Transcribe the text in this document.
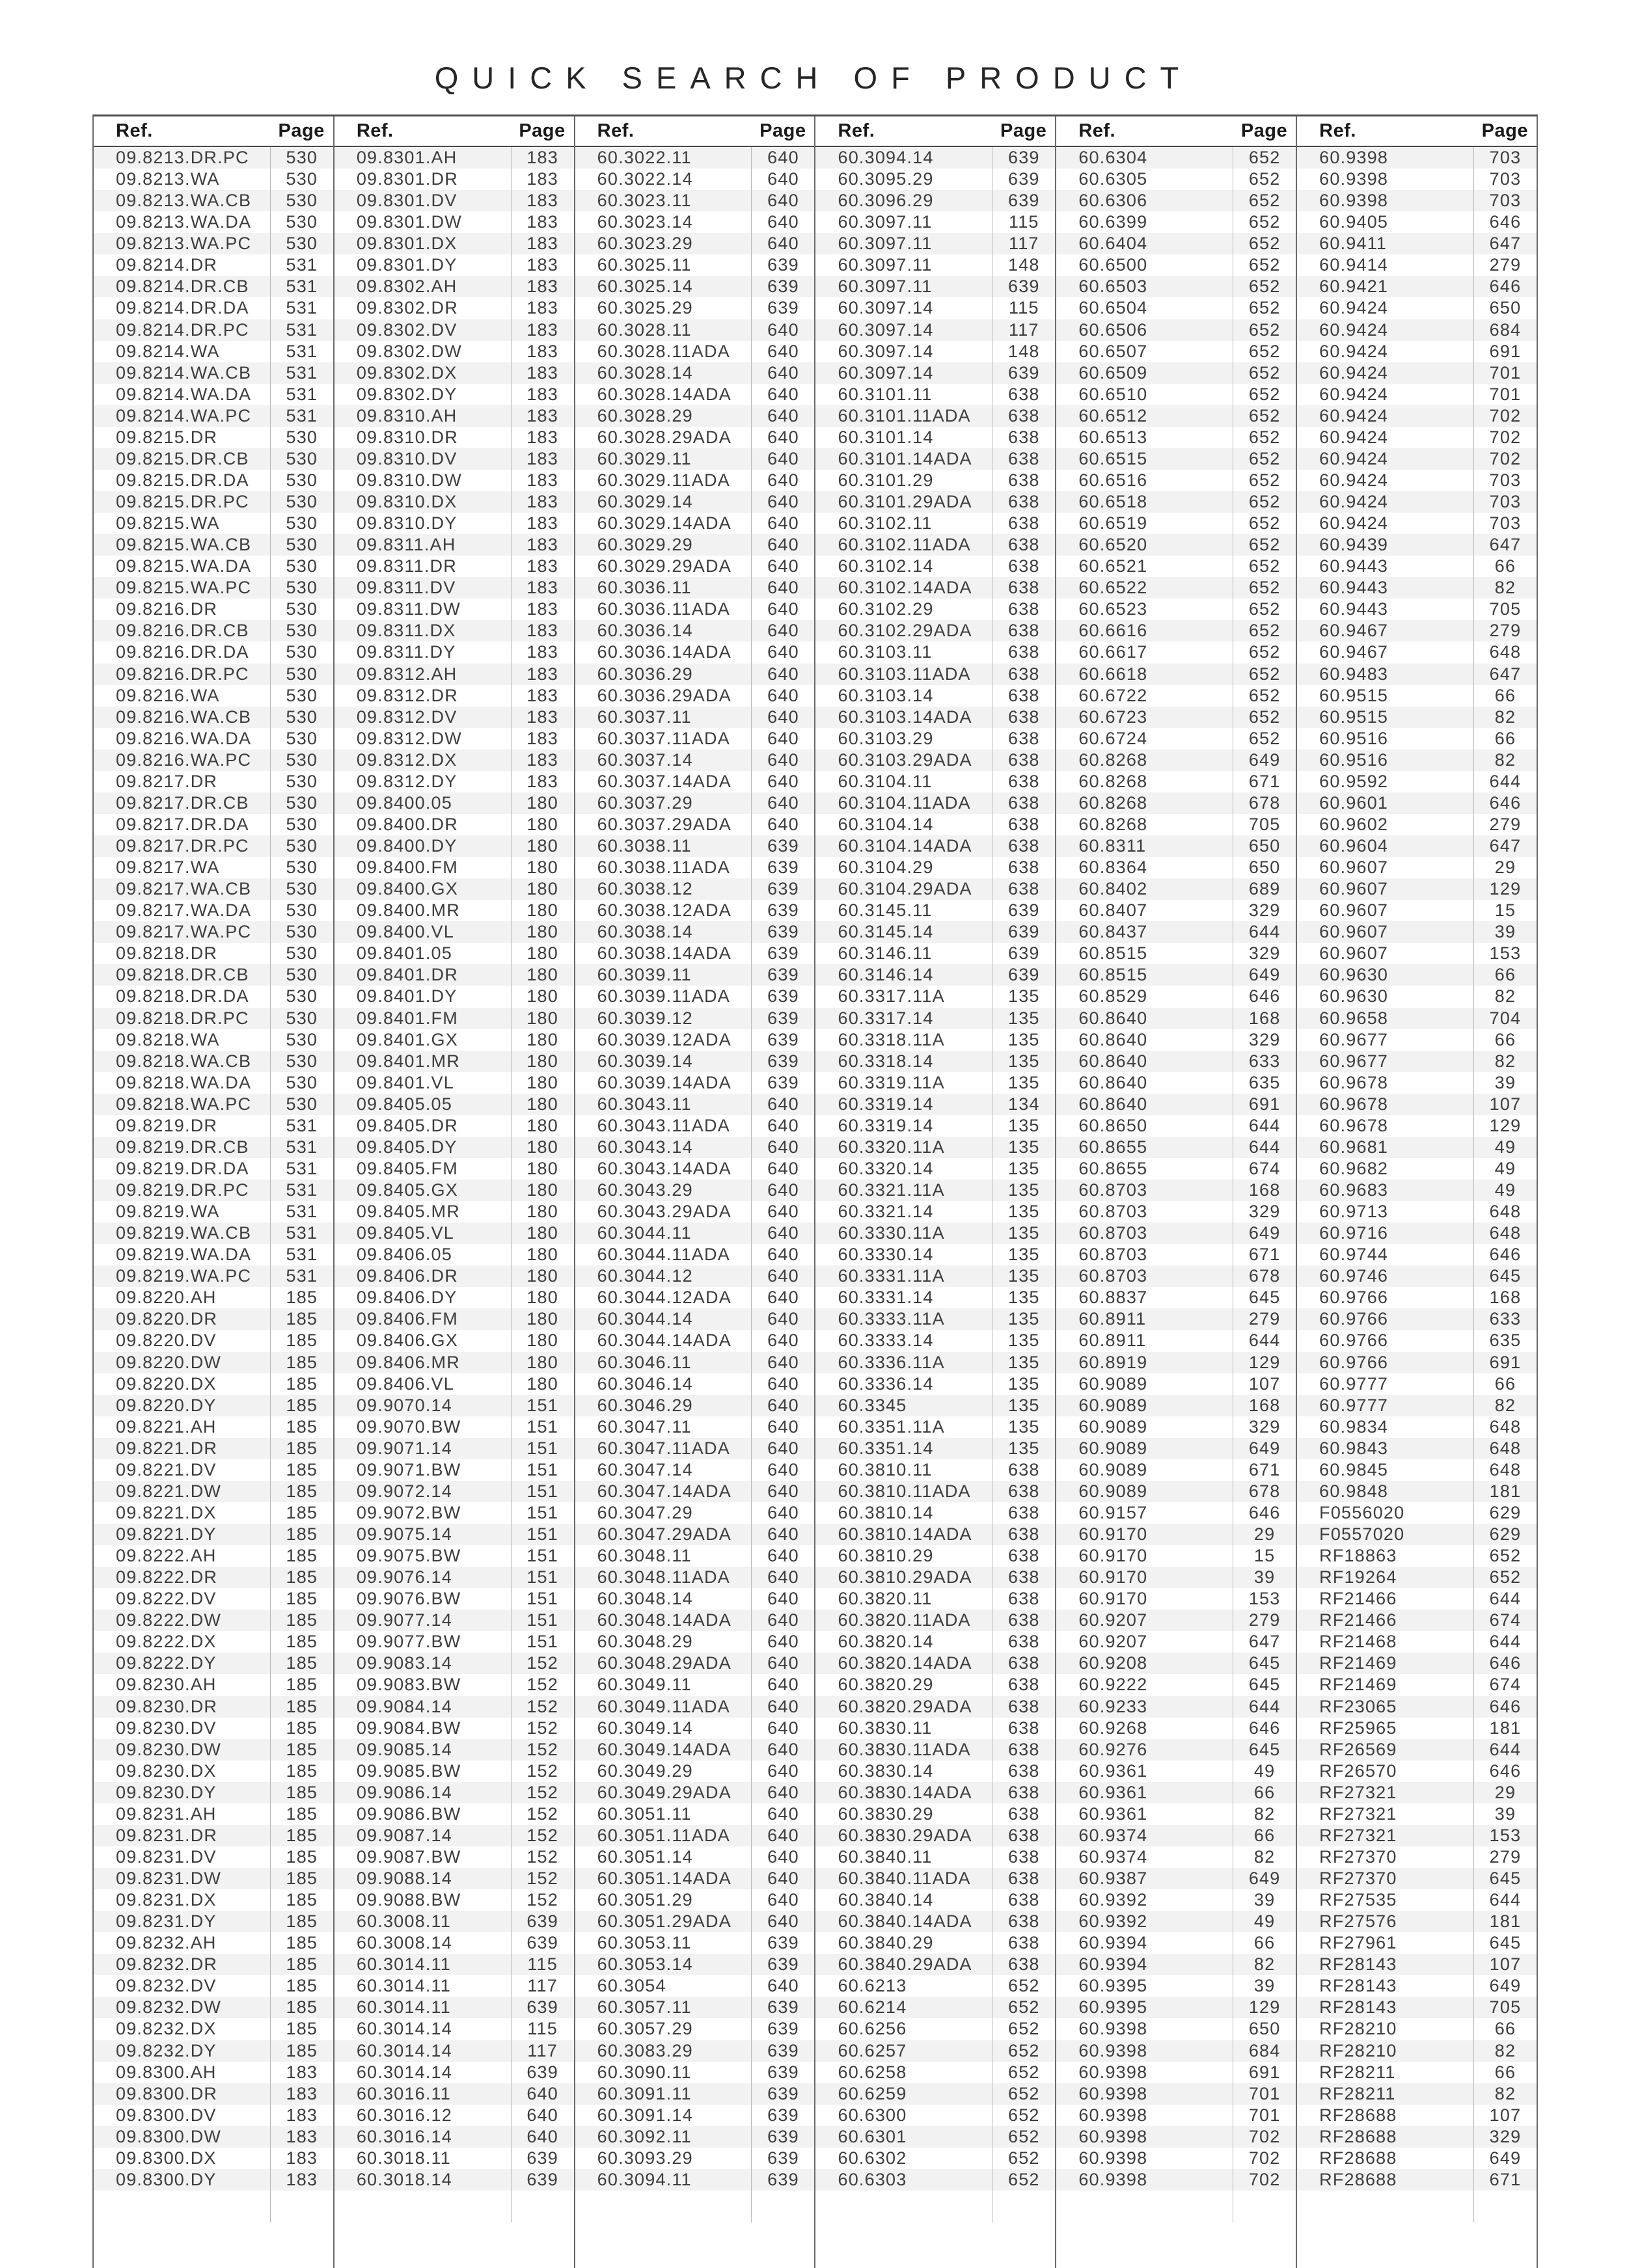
QUICK SEARCH OF PRODUCT
Ref.	Page
09.8213.DR.PC	530
09.8213.WA	530
09.8213.WA.CB	530
09.8213.WA.DA	530
09.8213.WA.PC	530
09.8214.DR	531
09.8214.DR.CB	531
09.8214.DR.DA	531
09.8214.DR.PC	531
09.8214.WA	531
09.8214.WA.CB	531
09.8214.WA.DA	531
09.8214.WA.PC	531
09.8215.DR	530
09.8215.DR.CB	530
09.8215.DR.DA	530
09.8215.DR.PC	530
09.8215.WA	530
09.8215.WA.CB	530
09.8215.WA.DA	530
09.8215.WA.PC	530
09.8216.DR	530
09.8216.DR.CB	530
09.8216.DR.DA	530
09.8216.DR.PC	530
09.8216.WA	530
09.8216.WA.CB	530
09.8216.WA.DA	530
09.8216.WA.PC	530
09.8217.DR	530
09.8217.DR.CB	530
09.8217.DR.DA	530
09.8217.DR.PC	530
09.8217.WA	530
09.8217.WA.CB	530
09.8217.WA.DA	530
09.8217.WA.PC	530
09.8218.DR	530
09.8218.DR.CB	530
09.8218.DR.DA	530
09.8218.DR.PC	530
09.8218.WA	530
09.8218.WA.CB	530
09.8218.WA.DA	530
09.8218.WA.PC	530
09.8219.DR	531
09.8219.DR.CB	531
09.8219.DR.DA	531
09.8219.DR.PC	531
09.8219.WA	531
09.8219.WA.CB	531
09.8219.WA.DA	531
09.8219.WA.PC	531
09.8220.AH	185
09.8220.DR	185
09.8220.DV	185
09.8220.DW	185
09.8220.DX	185
09.8220.DY	185
09.8221.AH	185
09.8221.DR	185
09.8221.DV	185
09.8221.DW	185
09.8221.DX	185
09.8221.DY	185
09.8222.AH	185
09.8222.DR	185
09.8222.DV	185
09.8222.DW	185
09.8222.DX	185
09.8222.DY	185
09.8230.AH	185
09.8230.DR	185
09.8230.DV	185
09.8230.DW	185
09.8230.DX	185
09.8230.DY	185
09.8231.AH	185
09.8231.DR	185
09.8231.DV	185
09.8231.DW	185
09.8231.DX	185
09.8231.DY	185
09.8232.AH	185
09.8232.DR	185
09.8232.DV	185
09.8232.DW	185
09.8232.DX	185
09.8232.DY	185
09.8300.AH	183
09.8300.DR	183
09.8300.DV	183
09.8300.DW	183
09.8300.DX	183
09.8300.DY	183
Ref.	Page
09.8301.AH	183
09.8301.DR	183
09.8301.DV	183
09.8301.DW	183
09.8301.DX	183
09.8301.DY	183
09.8302.AH	183
09.8302.DR	183
09.8302.DV	183
09.8302.DW	183
09.8302.DX	183
09.8302.DY	183
09.8310.AH	183
09.8310.DR	183
09.8310.DV	183
09.8310.DW	183
09.8310.DX	183
09.8310.DY	183
09.8311.AH	183
09.8311.DR	183
09.8311.DV	183
09.8311.DW	183
09.8311.DX	183
09.8311.DY	183
09.8312.AH	183
09.8312.DR	183
09.8312.DV	183
09.8312.DW	183
09.8312.DX	183
09.8312.DY	183
09.8400.05	180
09.8400.DR	180
09.8400.DY	180
09.8400.FM	180
09.8400.GX	180
09.8400.MR	180
09.8400.VL	180
09.8401.05	180
09.8401.DR	180
09.8401.DY	180
09.8401.FM	180
09.8401.GX	180
09.8401.MR	180
09.8401.VL	180
09.8405.05	180
09.8405.DR	180
09.8405.DY	180
09.8405.FM	180
09.8405.GX	180
09.8405.MR	180
09.8405.VL	180
09.8406.05	180
09.8406.DR	180
09.8406.DY	180
09.8406.FM	180
09.8406.GX	180
09.8406.MR	180
09.8406.VL	180
09.9070.14	151
09.9070.BW	151
09.9071.14	151
09.9071.BW	151
09.9072.14	151
09.9072.BW	151
09.9075.14	151
09.9075.BW	151
09.9076.14	151
09.9076.BW	151
09.9077.14	151
09.9077.BW	151
09.9083.14	152
09.9083.BW	152
09.9084.14	152
09.9084.BW	152
09.9085.14	152
09.9085.BW	152
09.9086.14	152
09.9086.BW	152
09.9087.14	152
09.9087.BW	152
09.9088.14	152
09.9088.BW	152
60.3008.11	639
60.3008.14	639
60.3014.11	115
60.3014.11	117
60.3014.11	639
60.3014.14	115
60.3014.14	117
60.3014.14	639
60.3016.11	640
60.3016.12	640
60.3016.14	640
60.3018.11	639
60.3018.14	639
Ref.	Page
60.3022.11	640
60.3022.14	640
60.3023.11	640
60.3023.14	640
60.3023.29	640
60.3025.11	639
60.3025.14	639
60.3025.29	639
60.3028.11	640
60.3028.11ADA	640
60.3028.14	640
60.3028.14ADA	640
60.3028.29	640
60.3028.29ADA	640
60.3029.11	640
60.3029.11ADA	640
60.3029.14	640
60.3029.14ADA	640
60.3029.29	640
60.3029.29ADA	640
60.3036.11	640
60.3036.11ADA	640
60.3036.14	640
60.3036.14ADA	640
60.3036.29	640
60.3036.29ADA	640
60.3037.11	640
60.3037.11ADA	640
60.3037.14	640
60.3037.14ADA	640
60.3037.29	640
60.3037.29ADA	640
60.3038.11	639
60.3038.11ADA	639
60.3038.12	639
60.3038.12ADA	639
60.3038.14	639
60.3038.14ADA	639
60.3039.11	639
60.3039.11ADA	639
60.3039.12	639
60.3039.12ADA	639
60.3039.14	639
60.3039.14ADA	639
60.3043.11	640
60.3043.11ADA	640
60.3043.14	640
60.3043.14ADA	640
60.3043.29	640
60.3043.29ADA	640
60.3044.11	640
60.3044.11ADA	640
60.3044.12	640
60.3044.12ADA	640
60.3044.14	640
60.3044.14ADA	640
60.3046.11	640
60.3046.14	640
60.3046.29	640
60.3047.11	640
60.3047.11ADA	640
60.3047.14	640
60.3047.14ADA	640
60.3047.29	640
60.3047.29ADA	640
60.3048.11	640
60.3048.11ADA	640
60.3048.14	640
60.3048.14ADA	640
60.3048.29	640
60.3048.29ADA	640
60.3049.11	640
60.3049.11ADA	640
60.3049.14	640
60.3049.14ADA	640
60.3049.29	640
60.3049.29ADA	640
60.3051.11	640
60.3051.11ADA	640
60.3051.14	640
60.3051.14ADA	640
60.3051.29	640
60.3051.29ADA	640
60.3053.11	639
60.3053.14	639
60.3054	640
60.3057.11	639
60.3057.29	639
60.3083.29	639
60.3090.11	639
60.3091.11	639
60.3091.14	639
60.3092.11	639
60.3093.29	639
60.3094.11	639
Ref.	Page
60.3094.14	639
60.3095.29	639
60.3096.29	639
60.3097.11	115
60.3097.11	117
60.3097.11	148
60.3097.11	639
60.3097.14	115
60.3097.14	117
60.3097.14	148
60.3097.14	639
60.3101.11	638
60.3101.11ADA	638
60.3101.14	638
60.3101.14ADA	638
60.3101.29	638
60.3101.29ADA	638
60.3102.11	638
60.3102.11ADA	638
60.3102.14	638
60.3102.14ADA	638
60.3102.29	638
60.3102.29ADA	638
60.3103.11	638
60.3103.11ADA	638
60.3103.14	638
60.3103.14ADA	638
60.3103.29	638
60.3103.29ADA	638
60.3104.11	638
60.3104.11ADA	638
60.3104.14	638
60.3104.14ADA	638
60.3104.29	638
60.3104.29ADA	638
60.3145.11	639
60.3145.14	639
60.3146.11	639
60.3146.14	639
60.3317.11A	135
60.3317.14	135
60.3318.11A	135
60.3318.14	135
60.3319.11A	135
60.3319.14	134
60.3319.14	135
60.3320.11A	135
60.3320.14	135
60.3321.11A	135
60.3321.14	135
60.3330.11A	135
60.3330.14	135
60.3331.11A	135
60.3331.14	135
60.3333.11A	135
60.3333.14	135
60.3336.11A	135
60.3336.14	135
60.3345	135
60.3351.11A	135
60.3351.14	135
60.3810.11	638
60.3810.11ADA	638
60.3810.14	638
60.3810.14ADA	638
60.3810.29	638
60.3810.29ADA	638
60.3820.11	638
60.3820.11ADA	638
60.3820.14	638
60.3820.14ADA	638
60.3820.29	638
60.3820.29ADA	638
60.3830.11	638
60.3830.11ADA	638
60.3830.14	638
60.3830.14ADA	638
60.3830.29	638
60.3830.29ADA	638
60.3840.11	638
60.3840.11ADA	638
60.3840.14	638
60.3840.14ADA	638
60.3840.29	638
60.3840.29ADA	638
60.6213	652
60.6214	652
60.6256	652
60.6257	652
60.6258	652
60.6259	652
60.6300	652
60.6301	652
60.6302	652
60.6303	652
Ref.	Page
60.6304	652
60.6305	652
60.6306	652
60.6399	652
60.6404	652
60.6500	652
60.6503	652
60.6504	652
60.6506	652
60.6507	652
60.6509	652
60.6510	652
60.6512	652
60.6513	652
60.6515	652
60.6516	652
60.6518	652
60.6519	652
60.6520	652
60.6521	652
60.6522	652
60.6523	652
60.6616	652
60.6617	652
60.6618	652
60.6722	652
60.6723	652
60.6724	652
60.8268	649
60.8268	671
60.8268	678
60.8268	705
60.8311	650
60.8364	650
60.8402	689
60.8407	329
60.8437	644
60.8515	329
60.8515	649
60.8529	646
60.8640	168
60.8640	329
60.8640	633
60.8640	635
60.8640	691
60.8650	644
60.8655	644
60.8655	674
60.8703	168
60.8703	329
60.8703	649
60.8703	671
60.8703	678
60.8837	645
60.8911	279
60.8911	644
60.8919	129
60.9089	107
60.9089	168
60.9089	329
60.9089	649
60.9089	671
60.9089	678
60.9157	646
60.9170	29
60.9170	15
60.9170	39
60.9170	153
60.9207	279
60.9207	647
60.9208	645
60.9222	645
60.9233	644
60.9268	646
60.9276	645
60.9361	49
60.9361	66
60.9361	82
60.9374	66
60.9374	82
60.9387	649
60.9392	39
60.9392	49
60.9394	66
60.9394	82
60.9395	39
60.9395	129
60.9398	650
60.9398	684
60.9398	691
60.9398	701
60.9398	701
60.9398	702
60.9398	702
60.9398	702
Ref.	Page
60.9398	703
60.9398	703
60.9398	703
60.9405	646
60.9411	647
60.9414	279
60.9421	646
60.9424	650
60.9424	684
60.9424	691
60.9424	701
60.9424	701
60.9424	702
60.9424	702
60.9424	702
60.9424	703
60.9424	703
60.9424	703
60.9439	647
60.9443	66
60.9443	82
60.9443	705
60.9467	279
60.9467	648
60.9483	647
60.9515	66
60.9515	82
60.9516	66
60.9516	82
60.9592	644
60.9601	646
60.9602	279
60.9604	647
60.9607	29
60.9607	129
60.9607	15
60.9607	39
60.9607	153
60.9630	66
60.9630	82
60.9658	704
60.9677	66
60.9677	82
60.9678	39
60.9678	107
60.9678	129
60.9681	49
60.9682	49
60.9683	49
60.9713	648
60.9716	648
60.9744	646
60.9746	645
60.9766	168
60.9766	633
60.9766	635
60.9766	691
60.9777	66
60.9777	82
60.9834	648
60.9843	648
60.9845	648
60.9848	181
F0556020	629
F0557020	629
RF18863	652
RF19264	652
RF21466	644
RF21466	674
RF21468	644
RF21469	646
RF21469	674
RF23065	646
RF25965	181
RF26569	644
RF26570	646
RF27321	29
RF27321	39
RF27321	153
RF27370	279
RF27370	645
RF27535	644
RF27576	181
RF27961	645
RF28143	107
RF28143	649
RF28143	705
RF28210	66
RF28210	82
RF28211	66
RF28211	82
RF28688	107
RF28688	329
RF28688	649
RF28688	671
